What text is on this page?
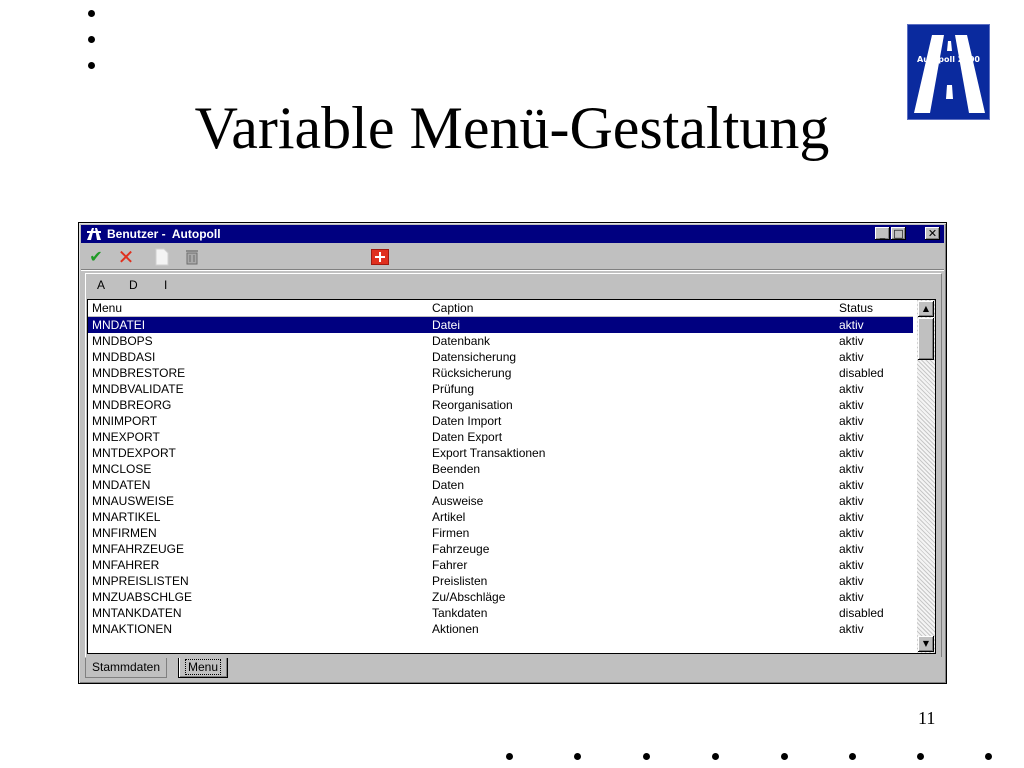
Variable Menü-Gestaltung
Autopoll 2000
Benutzer -  Autopoll	_ □ ✕
✔ ✕
A D I
Menu	Caption	Status
MNDATEI	Datei	aktiv
MNDBOPS	Datenbank	aktiv
MNDBDASI	Datensicherung	aktiv
MNDBRESTORE	Rücksicherung	disabled
MNDBVALIDATE	Prüfung	aktiv
MNDBREORG	Reorganisation	aktiv
MNIMPORT	Daten Import	aktiv
MNEXPORT	Daten Export	aktiv
MNTDEXPORT	Export Transaktionen	aktiv
MNCLOSE	Beenden	aktiv
MNDATEN	Daten	aktiv
MNAUSWEISE	Ausweise	aktiv
MNARTIKEL	Artikel	aktiv
MNFIRMEN	Firmen	aktiv
MNFAHRZEUGE	Fahrzeuge	aktiv
MNFAHRER	Fahrer	aktiv
MNPREISLISTEN	Preislisten	aktiv
MNZUABSCHLGE	Zu/Abschläge	aktiv
MNTANKDATEN	Tankdaten	disabled
MNAKTIONEN	Aktionen	aktiv
▲
▼
Stammdaten	Menu
11
